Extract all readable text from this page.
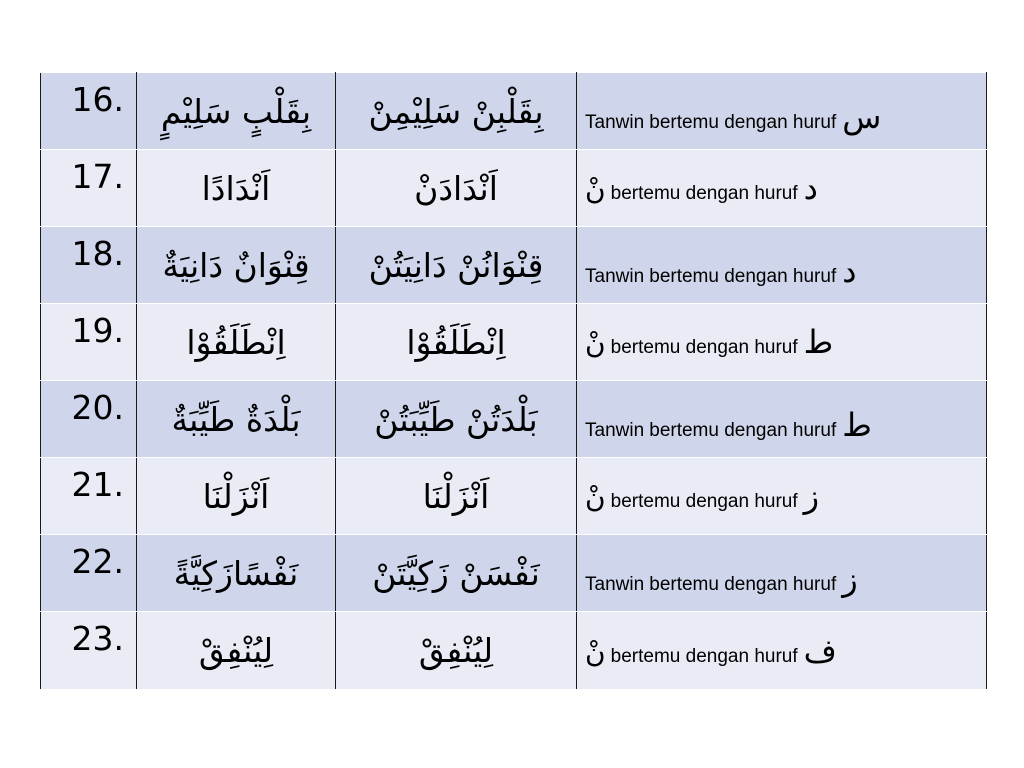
16.	بِقَلْبٍ سَلِيْمٍ	بِقَلْبِنْ سَلِيْمِنْ	Tanwin bertemu dengan huruf س
17.	اَنْدَادًا	اَنْدَادَنْ	نْ bertemu dengan huruf د
18.	قِنْوَانٌ دَانِيَةٌ	قِنْوَانُنْ دَانِيَتُنْ	Tanwin bertemu dengan huruf د
19.	اِنْطَلَقُوْا	اِنْطَلَقُوْا	نْ bertemu dengan huruf ط
20.	بَلْدَةٌ طَيِّبَةٌ	بَلْدَتُنْ طَيِّبَتُنْ	Tanwin bertemu dengan huruf ط
21.	اَنْزَلْنَا	اَنْزَلْنَا	نْ bertemu dengan huruf ز
22.	نَفْسًازَكِيَّةً	نَفْسَنْ زَكِيَّتَنْ	Tanwin bertemu dengan huruf ز
23.	لِيُنْفِقْ	لِيُنْفِقْ	نْ bertemu dengan huruf ف
